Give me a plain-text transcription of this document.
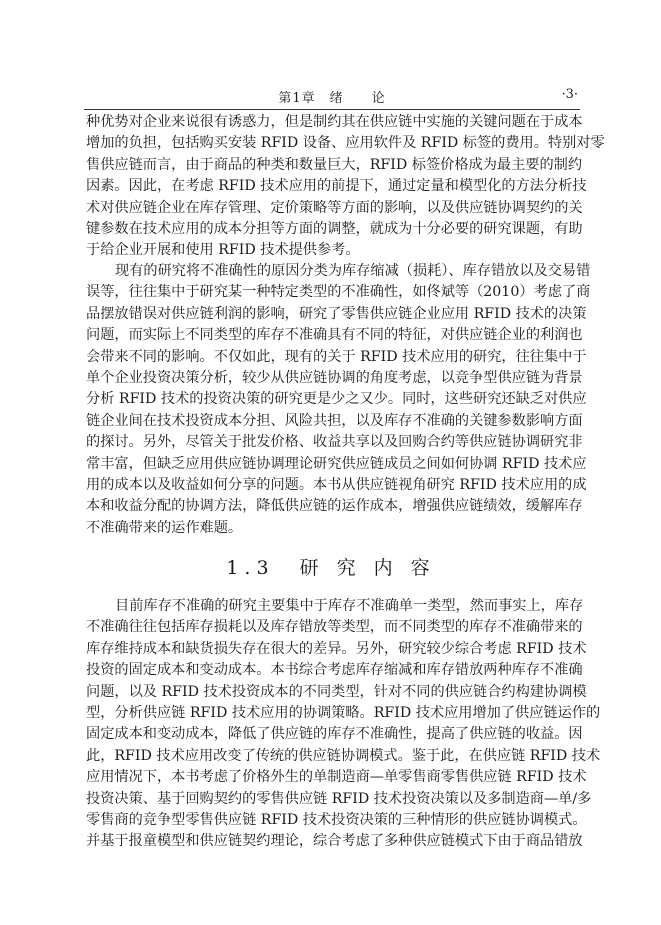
第1章　绪　　论	·3·
种优势对企业来说很有诱惑力，但是制约其在供应链中实施的关键问题在于成本
增加的负担，包括购买安装 RFID 设备、应用软件及 RFID 标签的费用。特别对零
售供应链而言，由于商品的种类和数量巨大，RFID 标签价格成为最主要的制约
因素。因此，在考虑 RFID 技术应用的前提下，通过定量和模型化的方法分析技
术对供应链企业在库存管理、定价策略等方面的影响，以及供应链协调契约的关
键参数在技术应用的成本分担等方面的调整，就成为十分必要的研究课题，有助
于给企业开展和使用 RFID 技术提供参考。
现有的研究将不准确性的原因分类为库存缩减（损耗）、库存错放以及交易错
误等，往往集中于研究某一种特定类型的不准确性，如佟斌等（2010）考虑了商
品摆放错误对供应链利润的影响，研究了零售供应链企业应用 RFID 技术的决策
问题，而实际上不同类型的库存不准确具有不同的特征，对供应链企业的利润也
会带来不同的影响。不仅如此，现有的关于 RFID 技术应用的研究，往往集中于
单个企业投资决策分析，较少从供应链协调的角度考虑，以竞争型供应链为背景
分析 RFID 技术的投资决策的研究更是少之又少。同时，这些研究还缺乏对供应
链企业间在技术投资成本分担、风险共担，以及库存不准确的关键参数影响方面
的探讨。另外，尽管关于批发价格、收益共享以及回购合约等供应链协调研究非
常丰富，但缺乏应用供应链协调理论研究供应链成员之间如何协调 RFID 技术应
用的成本以及收益如何分享的问题。本书从供应链视角研究 RFID 技术应用的成
本和收益分配的协调方法，降低供应链的运作成本，增强供应链绩效，缓解库存
不准确带来的运作难题。
1.3　研 究 内 容
目前库存不准确的研究主要集中于库存不准确单一类型，然而事实上，库存
不准确往往包括库存损耗以及库存错放等类型，而不同类型的库存不准确带来的
库存维持成本和缺货损失存在很大的差异。另外，研究较少综合考虑 RFID 技术
投资的固定成本和变动成本。本书综合考虑库存缩减和库存错放两种库存不准确
问题，以及 RFID 技术投资成本的不同类型，针对不同的供应链合约构建协调模
型，分析供应链 RFID 技术应用的协调策略。RFID 技术应用增加了供应链运作的
固定成本和变动成本，降低了供应链的库存不准确性，提高了供应链的收益。因
此，RFID 技术应用改变了传统的供应链协调模式。鉴于此，在供应链 RFID 技术
应用情况下，本书考虑了价格外生的单制造商—单零售商零售供应链 RFID 技术
投资决策、基于回购契约的零售供应链 RFID 技术投资决策以及多制造商—单/多
零售商的竞争型零售供应链 RFID 技术投资决策的三种情形的供应链协调模式。
并基于报童模型和供应链契约理论，综合考虑了多种供应链模式下由于商品错放
